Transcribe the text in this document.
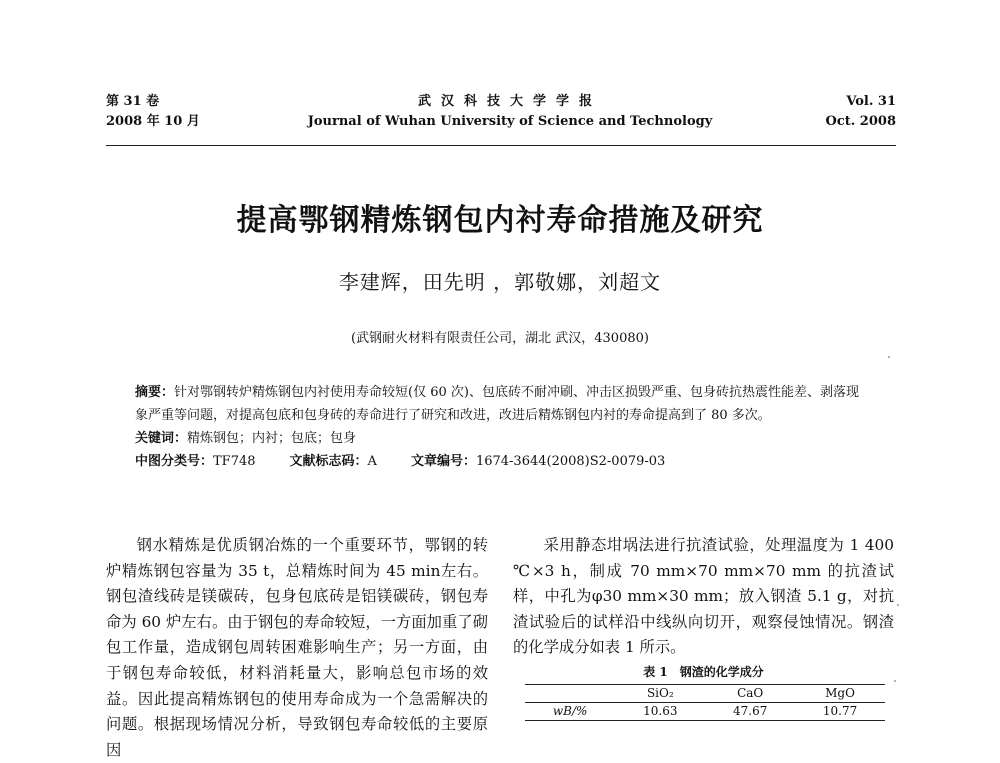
第 31 卷
2008 年 10 月
武汉科技大学学报
Journal of Wuhan University of Science and Technology
Vol. 31
Oct. 2008
提高鄂钢精炼钢包内衬寿命措施及研究
李建辉，田先明 ，郭敬娜，刘超文
(武钢耐火材料有限责任公司，湖北 武汉，430080)

摘要：针对鄂钢转炉精炼钢包内衬使用寿命较短(仅 60 次)、包底砖不耐冲刷、冲击区损毁严重、包身砖抗热震性能差、剥落现象严重等问题，对提高包底和包身砖的寿命进行了研究和改进，改进后精炼钢包内衬的寿命提高到了 80 多次。

关键词：精炼钢包；内衬；包底；包身

中图分类号：TF748	文献标志码：A	文章编号：1674-3644(2008)S2-0079-03

钢水精炼是优质钢冶炼的一个重要环节，鄂钢的转炉精炼钢包容量为 35 t，总精炼时间为 45 min左右。钢包渣线砖是镁碳砖，包身包底砖是铝镁碳砖，钢包寿命为 60 炉左右。由于钢包的寿命较短，一方面加重了砌包工作量，造成钢包周转困难影响生产；另一方面，由于钢包寿命较低，材料消耗量大，影响总包市场的效益。因此提高精炼钢包的使用寿命成为一个急需解决的问题。根据现场情况分析，导致钢包寿命较低的主要原因

采用静态坩埚法进行抗渣试验，处理温度为 1 400 ℃×3 h，制成 70 mm×70 mm×70 mm 的抗渣试样，中孔为φ30 mm×30 mm；放入钢渣 5.1 g，对抗渣试验后的试样沿中线纵向切开，观察侵蚀情况。钢渣的化学成分如表 1 所示。

表 1 钢渣的化学成分
	SiO₂	CaO	MgO
wB/%	10.63	47.67	10.77
